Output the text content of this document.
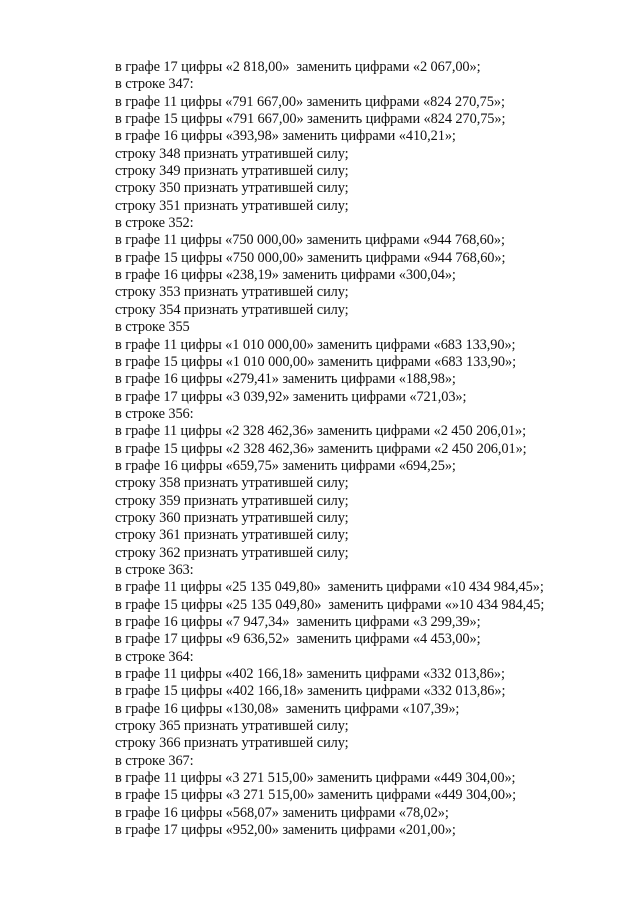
в графе 17 цифры «2 818,00»  заменить цифрами «2 067,00»;
в строке 347:
в графе 11 цифры «791 667,00» заменить цифрами «824 270,75»;
в графе 15 цифры «791 667,00» заменить цифрами «824 270,75»;
в графе 16 цифры «393,98» заменить цифрами «410,21»;
строку 348 признать утратившей силу;
строку 349 признать утратившей силу;
строку 350 признать утратившей силу;
строку 351 признать утратившей силу;
в строке 352:
в графе 11 цифры «750 000,00» заменить цифрами «944 768,60»;
в графе 15 цифры «750 000,00» заменить цифрами «944 768,60»;
в графе 16 цифры «238,19» заменить цифрами «300,04»;
строку 353 признать утратившей силу;
строку 354 признать утратившей силу;
в строке 355
в графе 11 цифры «1 010 000,00» заменить цифрами «683 133,90»;
в графе 15 цифры «1 010 000,00» заменить цифрами «683 133,90»;
в графе 16 цифры «279,41» заменить цифрами «188,98»;
в графе 17 цифры «3 039,92» заменить цифрами «721,03»;
в строке 356:
в графе 11 цифры «2 328 462,36» заменить цифрами «2 450 206,01»;
в графе 15 цифры «2 328 462,36» заменить цифрами «2 450 206,01»;
в графе 16 цифры «659,75» заменить цифрами «694,25»;
строку 358 признать утратившей силу;
строку 359 признать утратившей силу;
строку 360 признать утратившей силу;
строку 361 признать утратившей силу;
строку 362 признать утратившей силу;
в строке 363:
в графе 11 цифры «25 135 049,80»  заменить цифрами «10 434 984,45»;
в графе 15 цифры «25 135 049,80»  заменить цифрами «»10 434 984,45;
в графе 16 цифры «7 947,34»  заменить цифрами «3 299,39»;
в графе 17 цифры «9 636,52»  заменить цифрами «4 453,00»;
в строке 364:
в графе 11 цифры «402 166,18» заменить цифрами «332 013,86»;
в графе 15 цифры «402 166,18» заменить цифрами «332 013,86»;
в графе 16 цифры «130,08»  заменить цифрами «107,39»;
строку 365 признать утратившей силу;
строку 366 признать утратившей силу;
в строке 367:
в графе 11 цифры «3 271 515,00» заменить цифрами «449 304,00»;
в графе 15 цифры «3 271 515,00» заменить цифрами «449 304,00»;
в графе 16 цифры «568,07» заменить цифрами «78,02»;
в графе 17 цифры «952,00» заменить цифрами «201,00»;
